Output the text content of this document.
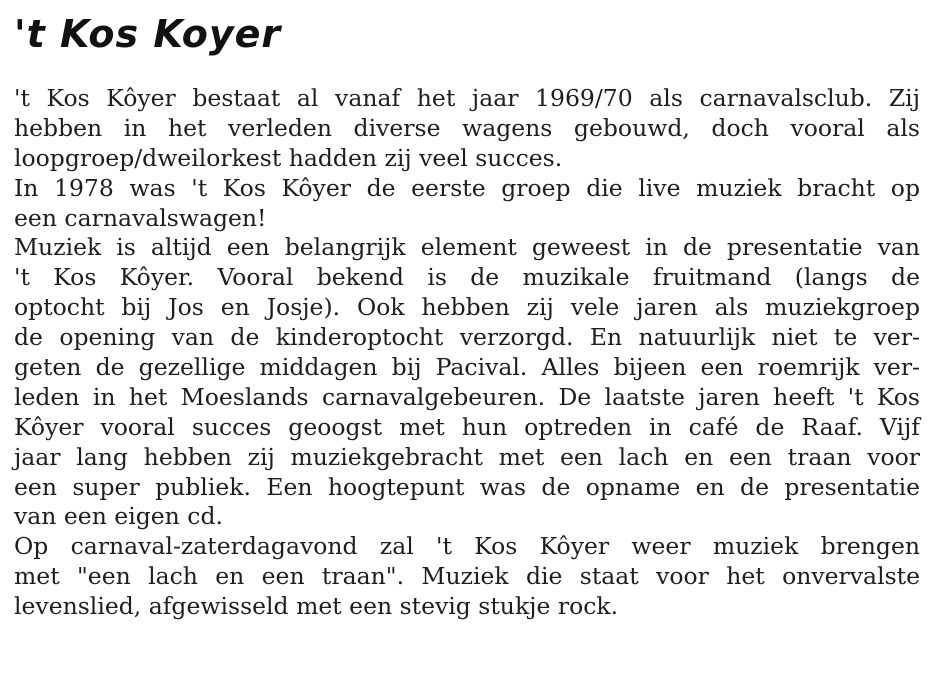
't Kos Koyer
't Kos Kôyer bestaat al vanaf het jaar 1969/70 als carnavalsclub. Zij
hebben in het verleden diverse wagens gebouwd, doch vooral als
loopgroep/dweilorkest hadden zij veel succes.
In 1978 was 't Kos Kôyer de eerste groep die live muziek bracht op
een carnavalswagen!
Muziek is altijd een belangrijk element geweest in de presentatie van
't Kos Kôyer. Vooral bekend is de muzikale fruitmand (langs de
optocht bij Jos en Josje). Ook hebben zij vele jaren als muziekgroep
de opening van de kinderoptocht verzorgd. En natuurlijk niet te ver-
geten de gezellige middagen bij Pacival. Alles bijeen een roemrijk ver-
leden in het Moeslands carnavalgebeuren. De laatste jaren heeft 't Kos
Kôyer vooral succes geoogst met hun optreden in café de Raaf. Vijf
jaar lang hebben zij muziekgebracht met een lach en een traan voor
een super publiek. Een hoogtepunt was de opname en de presentatie
van een eigen cd.
Op carnaval-zaterdagavond zal 't Kos Kôyer weer muziek brengen
met "een lach en een traan". Muziek die staat voor het onvervalste
levenslied, afgewisseld met een stevig stukje rock.
